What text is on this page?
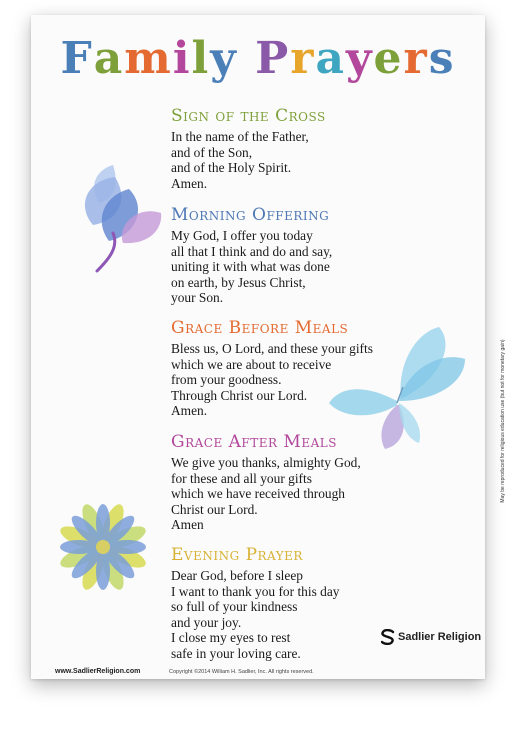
Family Prayers
Sign of the Cross

In the name of the Father,
and of the Son,
and of the Holy Spirit.
Amen.

Morning Offering

My God, I offer you today
all that I think and do and say,
uniting it with what was done
on earth, by Jesus Christ,
your Son.

Grace Before Meals

Bless us, O Lord, and these your gifts
which we are about to receive
from your goodness.
Through Christ our Lord.
Amen.

Grace After Meals

We give you thanks, almighty God,
for these and all your gifts
which we have received through
Christ our Lord.
Amen

Evening Prayer

Dear God, before I sleep
I want to thank you for this day
so full of your kindness
and your joy.
I close my eyes to rest
safe in your loving care.

May be reproduced for religious education use (but not for monetary gain)
Sadlier Religion
www.SadlierReligion.com	Copyright ©2014 William H. Sadlier, Inc. All rights reserved.
